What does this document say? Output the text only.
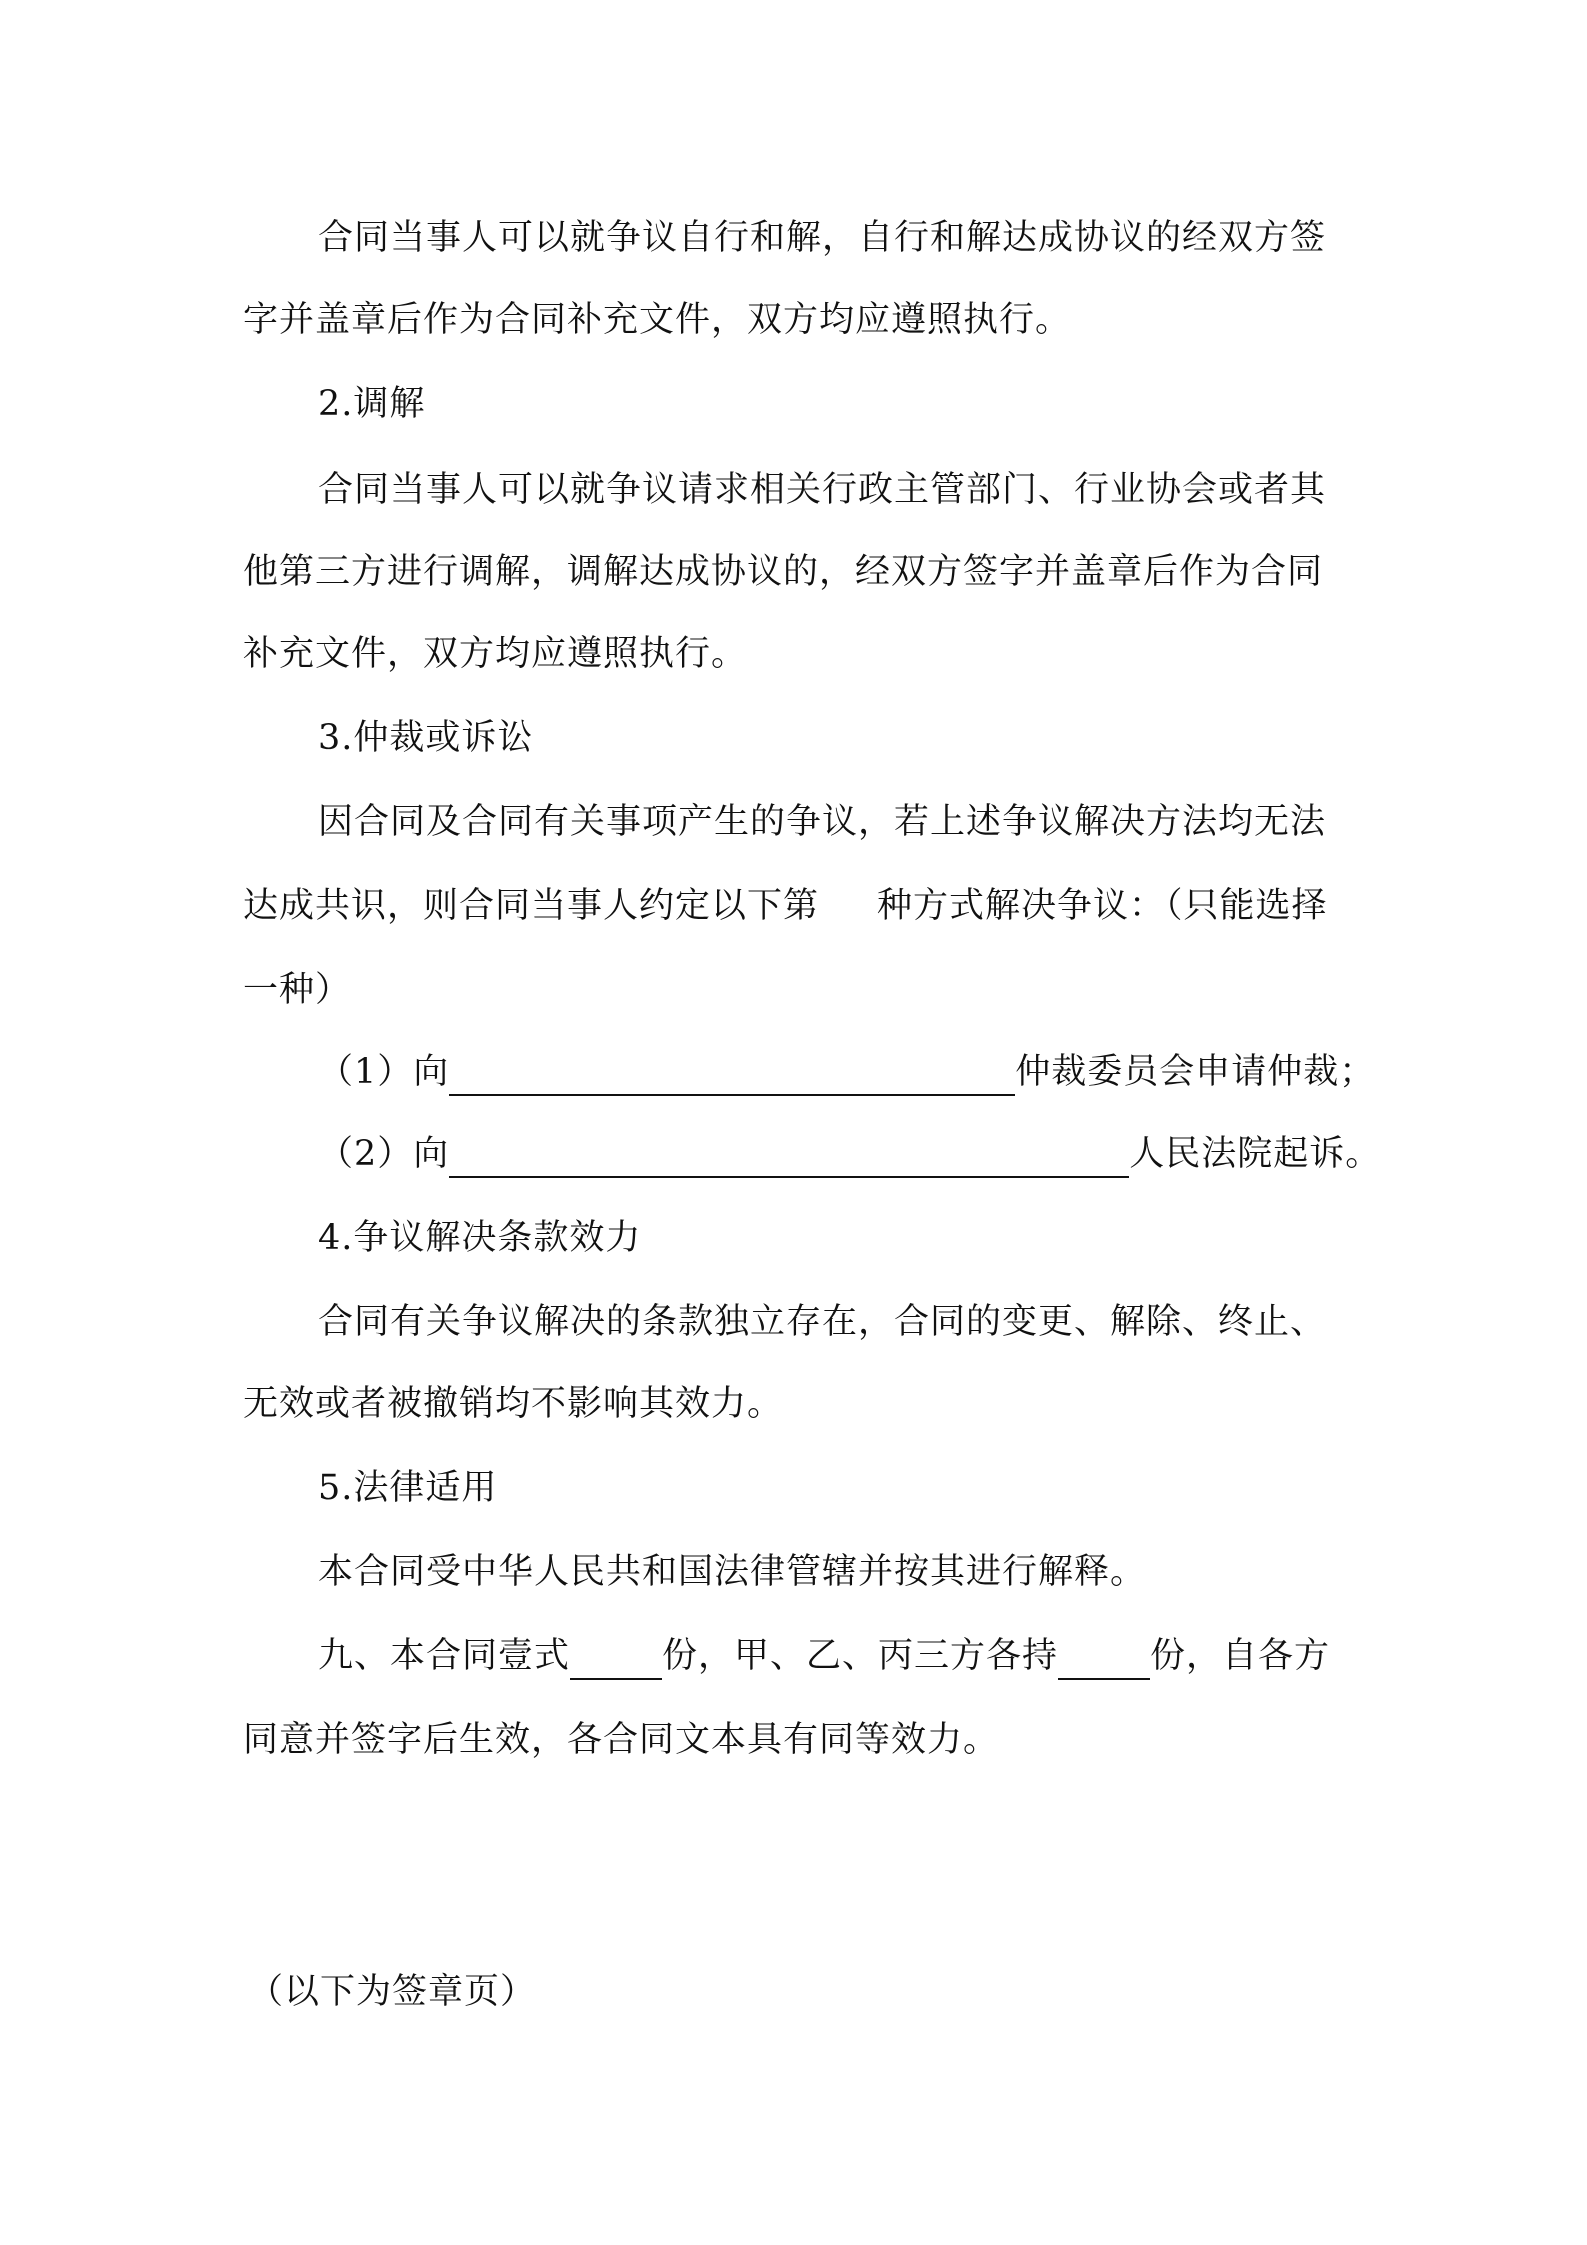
合同当事人可以就争议自行和解，自行和解达成协议的经双方签
字并盖章后作为合同补充文件，双方均应遵照执行。
2.调解
合同当事人可以就争议请求相关行政主管部门、行业协会或者其
他第三方进行调解，调解达成协议的，经双方签字并盖章后作为合同
补充文件，双方均应遵照执行。
3.仲裁或诉讼
因合同及合同有关事项产生的争议，若上述争议解决方法均无法
达成共识，则合同当事人约定以下第 种方式解决争议：（只能选择
一种）
（1）向	仲裁委员会申请仲裁；
（2）向	人民法院起诉。
4.争议解决条款效力
合同有关争议解决的条款独立存在，合同的变更、解除、终止、
无效或者被撤销均不影响其效力。
5.法律适用
本合同受中华人民共和国法律管辖并按其进行解释。
九、本合同壹式	份，甲、乙、丙三方各持	份，自各方
同意并签字后生效，各合同文本具有同等效力。
（以下为签章页）
